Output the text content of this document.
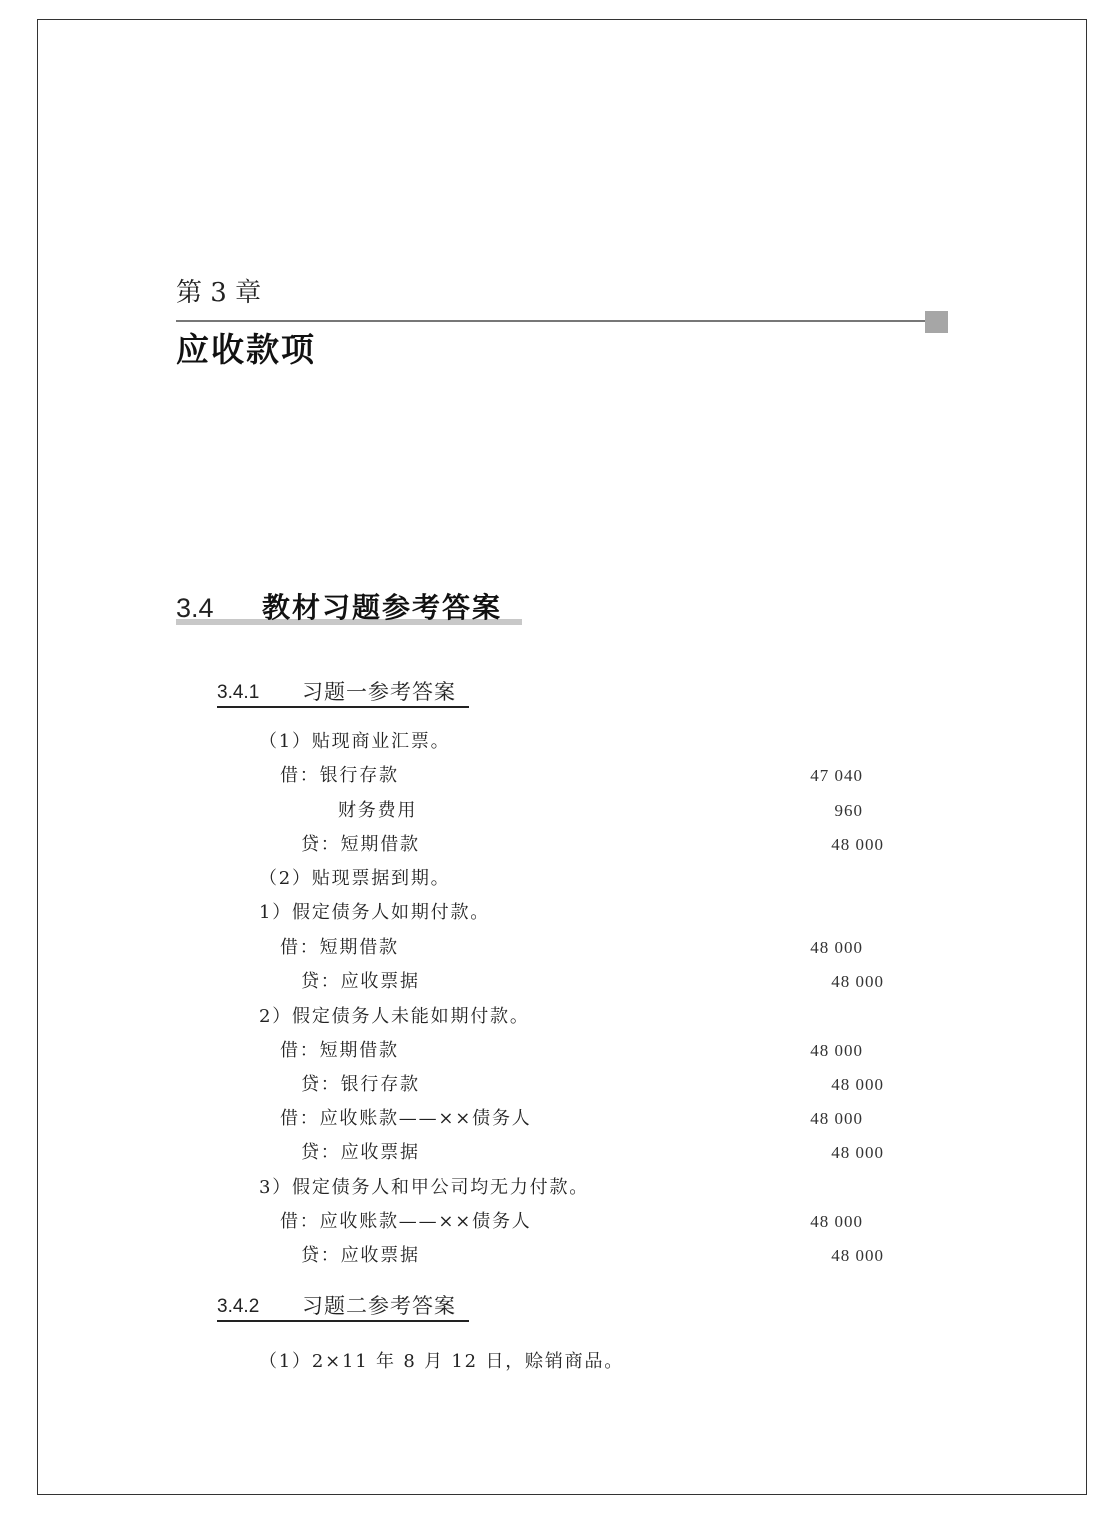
第 3 章
应收款项
3.4 教材习题参考答案
3.4.1 习题一参考答案
（1）贴现商业汇票。
借：银行存款	47 040
财务费用	960
贷：短期借款	48 000
（2）贴现票据到期。
1）假定债务人如期付款。
借：短期借款	48 000
贷：应收票据	48 000
2）假定债务人未能如期付款。
借：短期借款	48 000
贷：银行存款	48 000
借：应收账款——××债务人	48 000
贷：应收票据	48 000
3）假定债务人和甲公司均无力付款。
借：应收账款——××债务人	48 000
贷：应收票据	48 000
3.4.2 习题二参考答案
（1）2×11 年 8 月 12 日，赊销商品。
